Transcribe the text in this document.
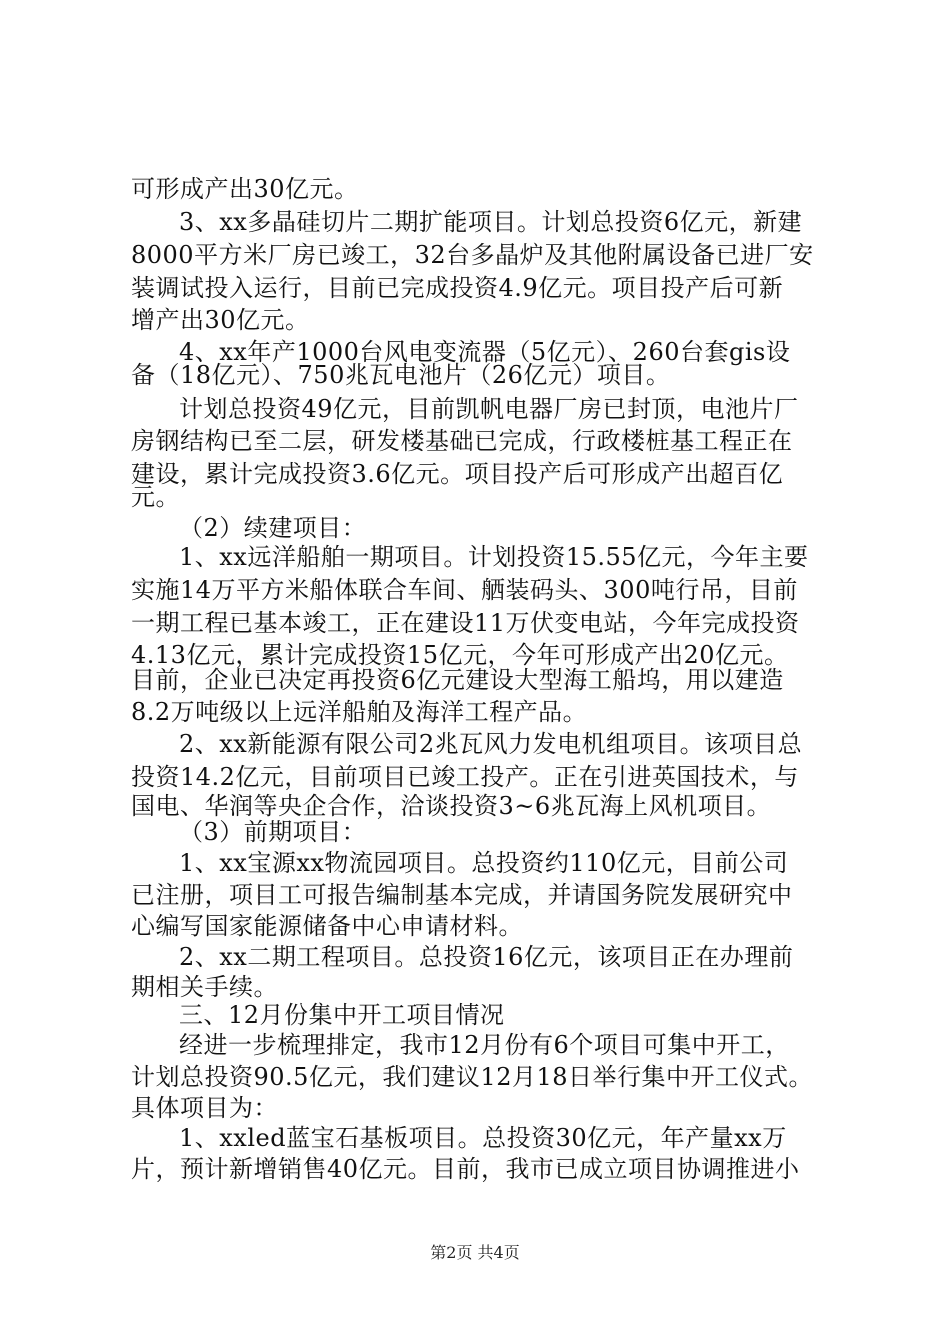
可形成产出30亿元。
3、xx多晶硅切片二期扩能项目。计划总投资6亿元，新建
8000平方米厂房已竣工，32台多晶炉及其他附属设备已进厂安
装调试投入运行，目前已完成投资4.9亿元。项目投产后可新
增产出30亿元。
4、xx年产1000台风电变流器（5亿元）、260台套gis设
备（18亿元）、750兆瓦电池片（26亿元）项目。
计划总投资49亿元，目前凯帆电器厂房已封顶，电池片厂
房钢结构已至二层，研发楼基础已完成，行政楼桩基工程正在
建设，累计完成投资3.6亿元。项目投产后可形成产出超百亿
元。
（2）续建项目：
1、xx远洋船舶一期项目。计划投资15.55亿元，今年主要
实施14万平方米船体联合车间、舾装码头、300吨行吊，目前
一期工程已基本竣工，正在建设11万伏变电站，今年完成投资
4.13亿元，累计完成投资15亿元，今年可形成产出20亿元。
目前，企业已决定再投资6亿元建设大型海工船坞，用以建造
8.2万吨级以上远洋船舶及海洋工程产品。
2、xx新能源有限公司2兆瓦风力发电机组项目。该项目总
投资14.2亿元，目前项目已竣工投产。正在引进英国技术，与
国电、华润等央企合作，洽谈投资3~6兆瓦海上风机项目。
（3）前期项目：
1、xx宝源xx物流园项目。总投资约110亿元，目前公司
已注册，项目工可报告编制基本完成，并请国务院发展研究中
心编写国家能源储备中心申请材料。
2、xx二期工程项目。总投资16亿元，该项目正在办理前
期相关手续。
三、12月份集中开工项目情况
经进一步梳理排定，我市12月份有6个项目可集中开工，
计划总投资90.5亿元，我们建议12月18日举行集中开工仪式。
具体项目为：
1、xxled蓝宝石基板项目。总投资30亿元，年产量xx万
片，预计新增销售40亿元。目前，我市已成立项目协调推进小
第2页 共4页
